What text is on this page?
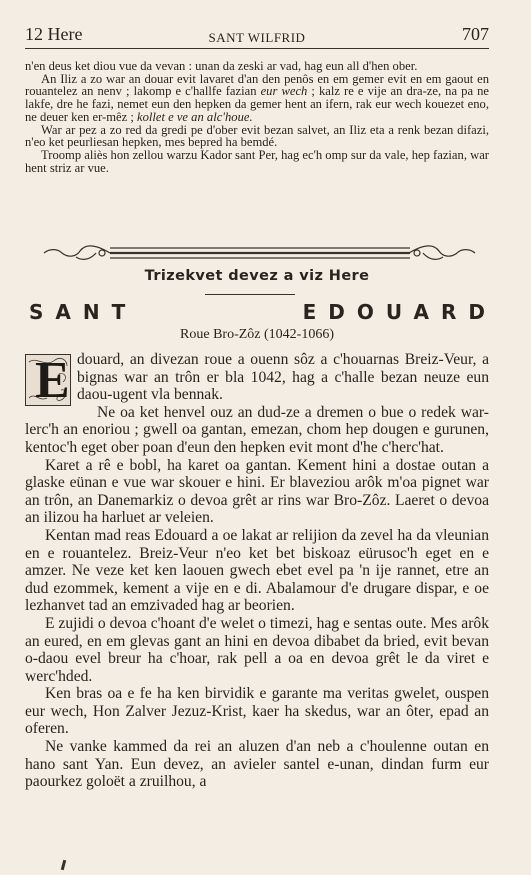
12 Here	SANT WILFRID	707

n'en deus ket diou vue da vevan : unan da zeski ar vad, hag eun all d'hen ober.

An Iliz a zo war an douar evit lavaret d'an den penôs en em gemer evit en em gaout en rouantelez an nenv ; lakomp e c'hallfe fazian eur wech ; kalz re e vije an dra-ze, na pa ne lakfe, dre he fazi, nemet eun den hepken da gemer hent an ifern, rak eur wech kouezet eno, ne deuer ken er-mêz ; kollet e ve an alc'houe.

War ar pez a zo red da gredi pe d'ober evit bezan salvet, an Iliz eta a renk bezan difazi, n'eo ket peurliesan hepken, mes bepred ha bemdé.

Troomp aliès hon zellou warzu Kador sant Per, hag ec'h omp sur da vale, hep fazian, war hent striz ar vue.

Trizekvet devez a viz Here
SANT	EDOUARD
Roue Bro-Zôz (1042-1066)

E douard, an divezan roue a ouenn sôz a c'houarnas Breiz-Veur, a bignas war an trôn er bla 1042, hag a c'halle bezan neuze eun daou-ugent vla bennak.

Ne oa ket henvel ouz an dud-ze a dremen o bue o redek war-lerc'h an enoriou ; gwell oa gantan, emezan, chom hep dougen e gurunen, kentoc'h eget ober poan d'eun den hepken evit mont d'he c'herc'hat.

Karet a rê e bobl, ha karet oa gantan. Kement hini a dostae outan a glaske eünan e vue war skouer e hini. Er blaveziou arôk m'oa pignet war an trôn, an Danemarkiz o devoa grêt ar rins war Bro-Zôz. Laeret o devoa an ilizou ha harluet ar veleien.

Kentan mad reas Edouard a oe lakat ar relijion da zevel ha da vleunian en e rouantelez. Breiz-Veur n'eo ket bet biskoaz eürusoc'h eget en e amzer. Ne veze ket ken laouen gwech ebet evel pa 'n ije rannet, etre an dud ezommek, kement a vije en e di. Abalamour d'e drugare dispar, e oe lezhanvet tad an emzivaded hag ar beorien.

E zujidi o devoa c'hoant d'e welet o timezi, hag e sentas oute. Mes arôk an eured, en em glevas gant an hini en devoa dibabet da bried, evit bevan o-daou evel breur ha c'hoar, rak pell a oa en devoa grêt le da viret e werc'hded.

Ken bras oa e fe ha ken birvidik e garante ma veritas gwelet, ouspen eur wech, Hon Zalver Jezuz-Krist, kaer ha skedus, war an ôter, epad an oferen.

Ne vanke kammed da rei an aluzen d'an neb a c'houlenne outan en hano sant Yan. Eun devez, an avieler santel e-unan, dindan furm eur paourkez goloët a zruilhou, a
